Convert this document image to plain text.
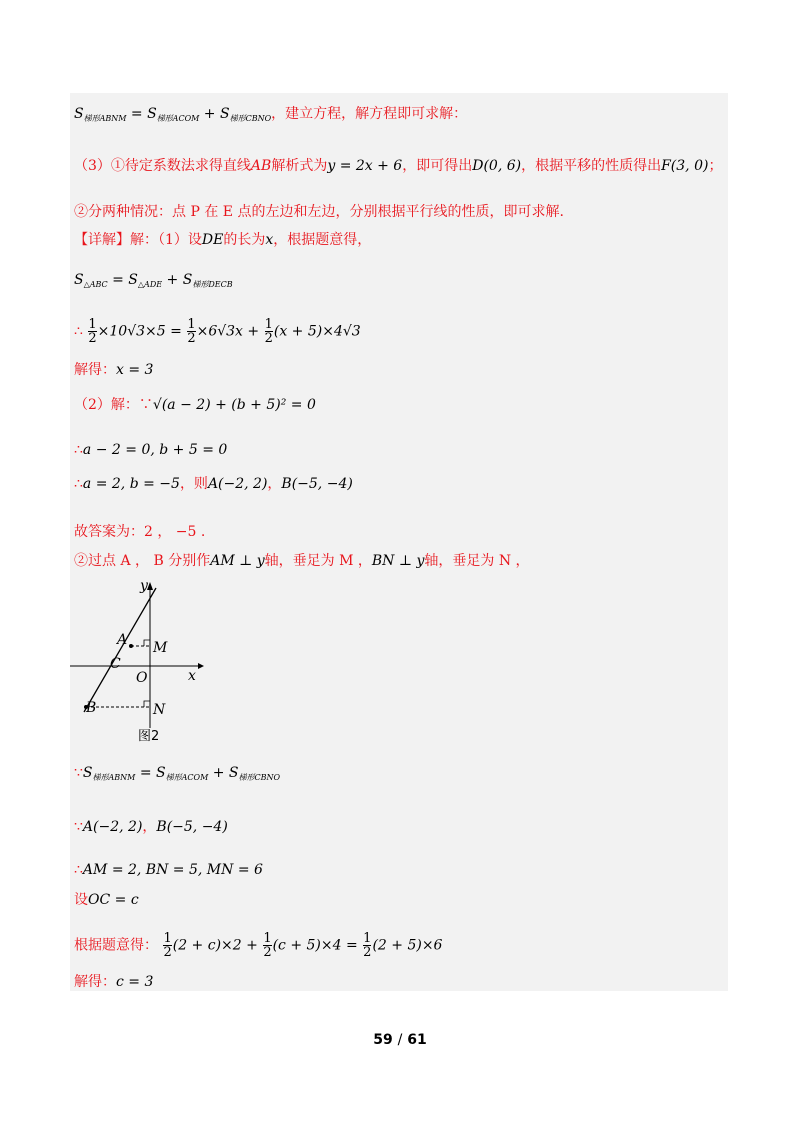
$S_{梯形ABNM} = S_{梯形ACOM} + S_{梯形CBNO}$，建立方程，解方程即可求解：
（3）①待定系数法求得直线AB解析式为y = 2x + 6，即可得出D(0, 6)，根据平移的性质得出F(3, 0)；
②分两种情况：点 P 在 E 点的左边和左边，分别根据平行线的性质，即可求解.
【详解】解：（1）设DE的长为x，根据题意得，
$S_{\triangle ABC} = S_{\triangle ADE} + S_{梯形DECB}$
∴ $\frac{1}{2} \times 10√3\times 5 = \frac{1}{2} \times 6√3x + \frac{1}{2} (x + 5)\times 4√3$
解得：x = 3
（2）解：∵√(a − 2) + (b + 5)² = 0
∴a − 2 = 0, b + 5 = 0
∴a = 2, b = −5，则A(−2, 2)，B(−5, −4)
故答案为：2 ， −5 .
②过点 A ， B 分别作AM ⊥ y轴，垂足为 M ，BN ⊥ y轴，垂足为 N ，
y
x
A M
C
O
B	N
图2
$\because S_{梯形ABNM} = S_{梯形ACOM} + S_{梯形CBNO}$
∵A(−2, 2)，B(−5, −4)
∴AM = 2, BN = 5, MN = 6
设OC = c
根据题意得： $\frac{1}{2} (2 + c)\times 2 + \frac{1}{2} (c + 5)\times 4 = \frac{1}{2} (2 + 5)\times 6$
解得：c = 3
59 / 61
